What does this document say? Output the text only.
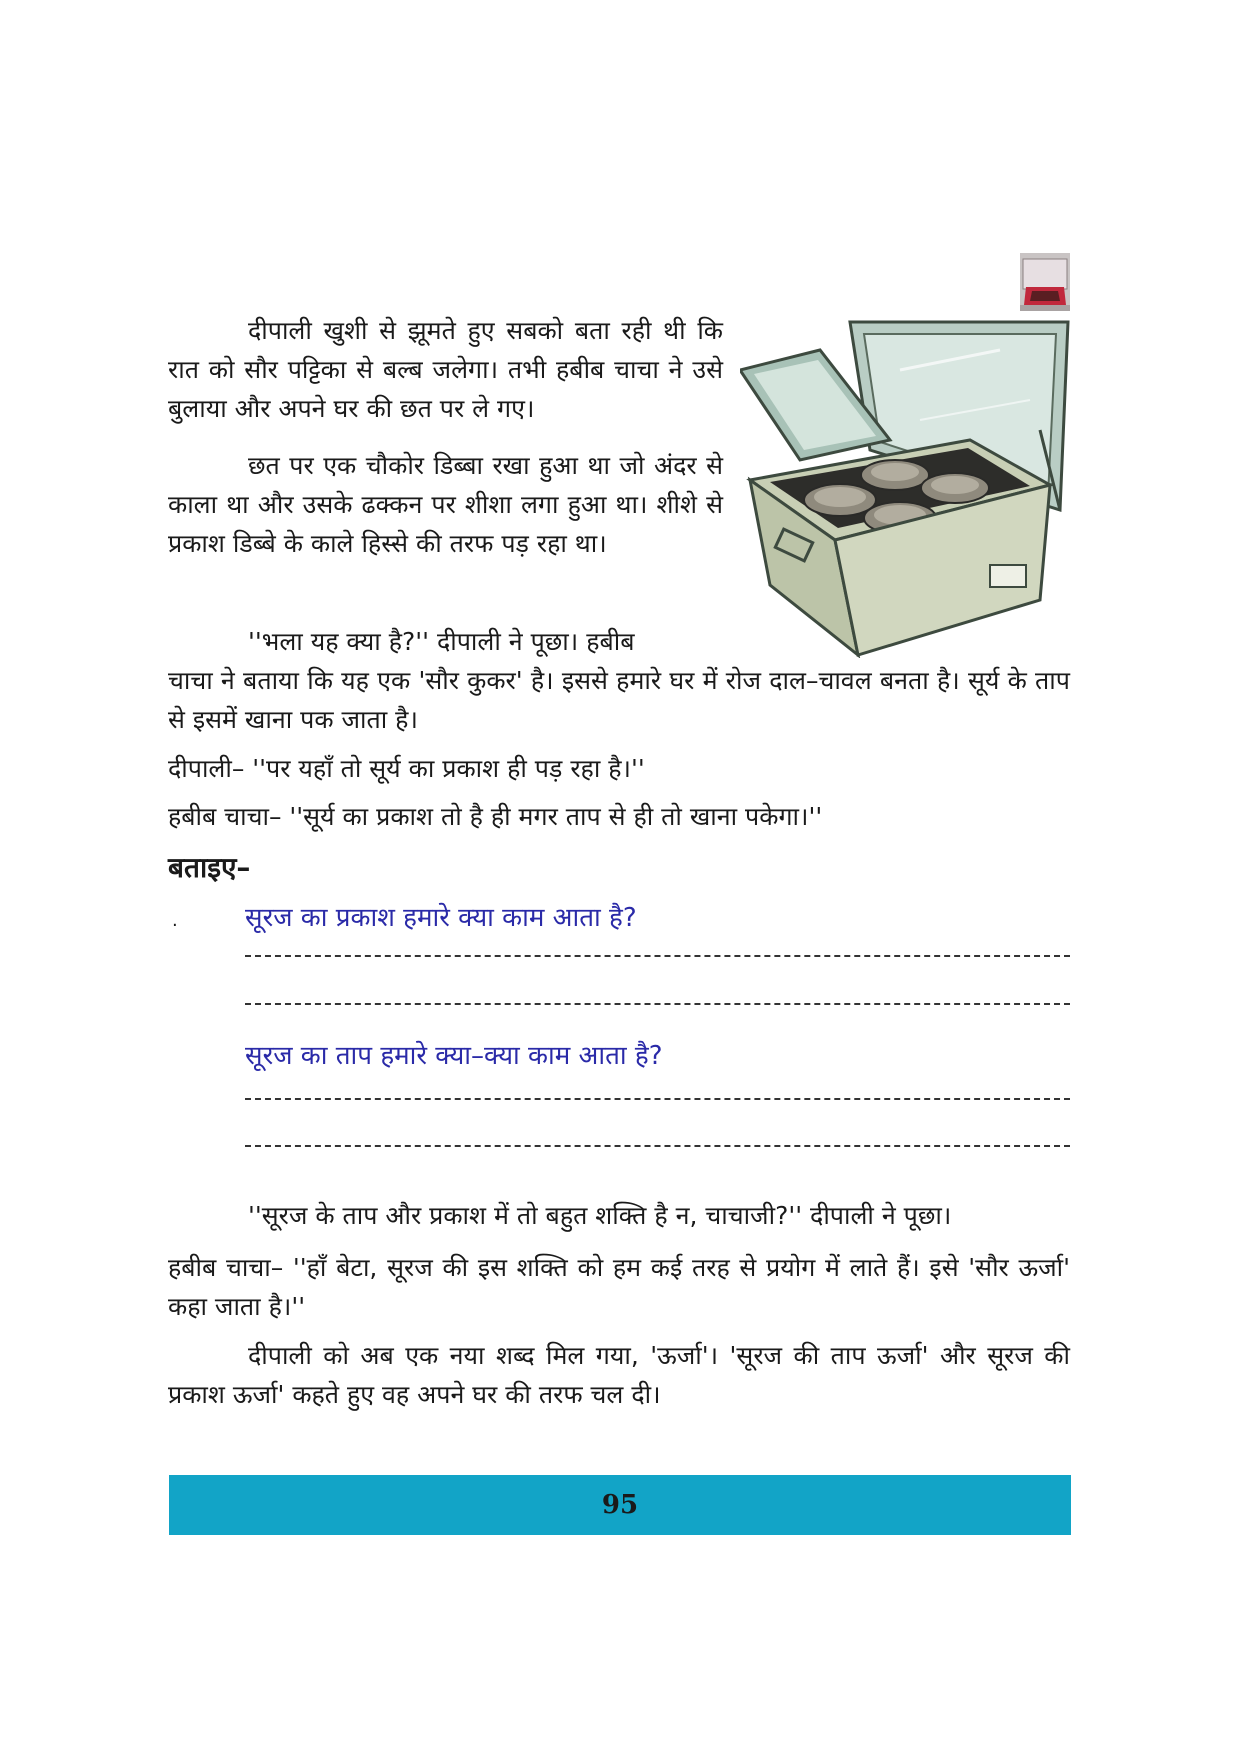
दीपाली खुशी से झूमते हुए सबको बता रही थी कि रात को सौर पट्टिका से बल्ब जलेगा। तभी हबीब चाचा ने उसे बुलाया और अपने घर की छत पर ले गए।

छत पर एक चौकोर डिब्बा रखा हुआ था जो अंदर से काला था और उसके ढक्कन पर शीशा लगा हुआ था। शीशे से प्रकाश डिब्बे के काले हिस्से की तरफ पड़ रहा था।

''भला यह क्या है?'' दीपाली ने पूछा। हबीब

चाचा ने बताया कि यह एक 'सौर कुकर' है। इससे हमारे घर में रोज दाल–चावल बनता है। सूर्य के ताप से इसमें खाना पक जाता है।

दीपाली– ''पर यहाँ तो सूर्य का प्रकाश ही पड़ रहा है।''
हबीब चाचा– ''सूर्य का प्रकाश तो है ही मगर ताप से ही तो खाना पकेगा।''
बताइए–
.	सूरज का प्रकाश हमारे क्या काम आता है?
सूरज का ताप हमारे क्या–क्या काम आता है?

''सूरज के ताप और प्रकाश में तो बहुत शक्ति है न, चाचाजी?'' दीपाली ने पूछा।

हबीब चाचा– ''हाँ बेटा, सूरज की इस शक्ति को हम कई तरह से प्रयोग में लाते हैं। इसे 'सौर ऊर्जा' कहा जाता है।''

दीपाली को अब एक नया शब्द मिल गया, 'ऊर्जा'। 'सूरज की ताप ऊर्जा' और सूरज की प्रकाश ऊर्जा' कहते हुए वह अपने घर की तरफ चल दी।

95
